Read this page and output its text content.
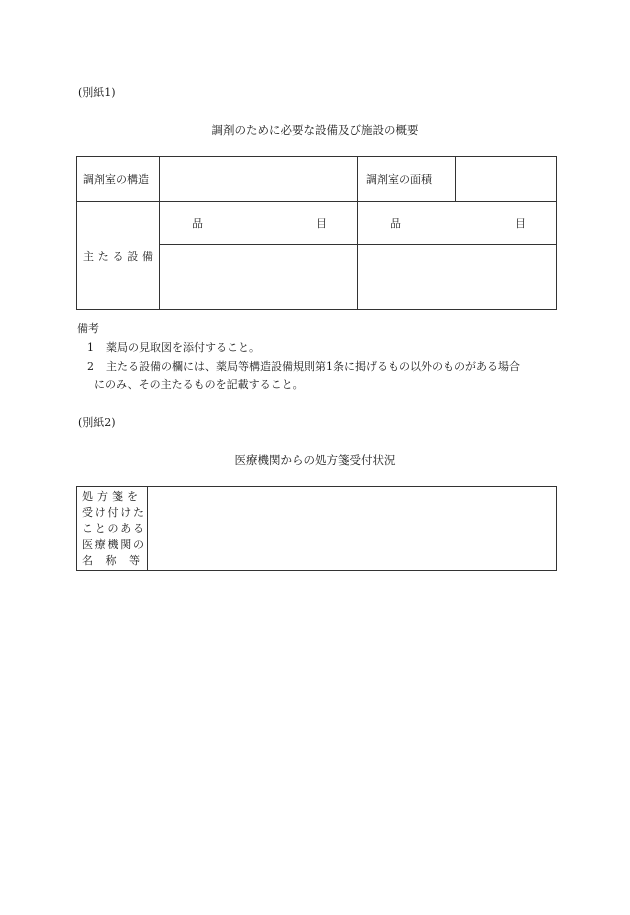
(別紙1)
調剤のために必要な設備及び施設の概要
調剤室の構造		調剤室の面積

主 た る 設 備	品 目	品 目

備考
1 薬局の見取図を添付すること。
2 主たる設備の欄には、薬局等構造設備規則第1条に掲げるもの以外のものがある場合
にのみ、その主たるものを記載すること。
(別紙2)
医療機関からの処方箋受付状況
処 方 箋 を
受 け 付 け た
こ と の あ る
医 療 機 関 の
名 称 等
